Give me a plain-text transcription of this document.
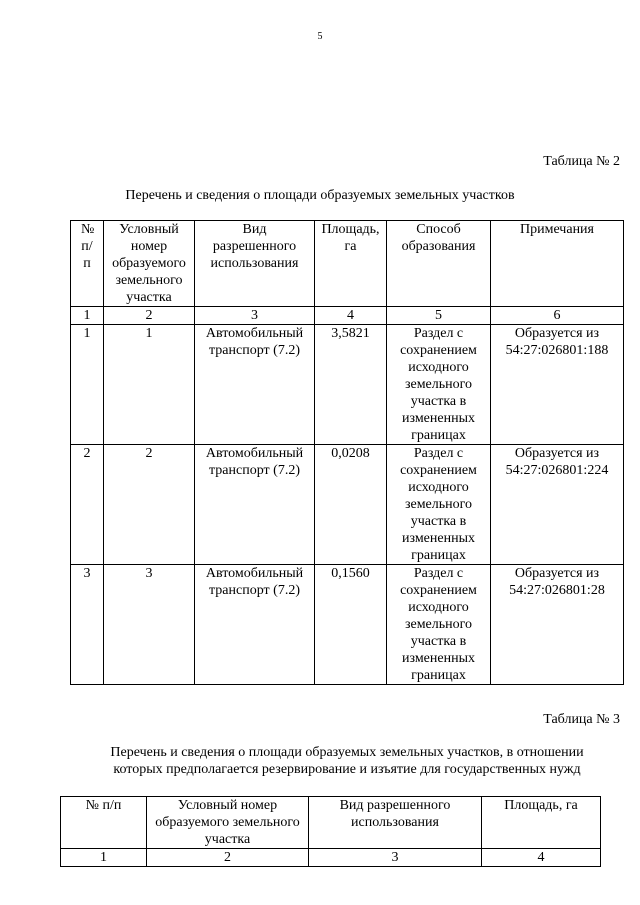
5
Таблица № 2
Перечень и сведения о площади образуемых земельных участков
№ п/п	Условный номер образуемого земельного участка	Вид разрешенного использования	Площадь, га	Способ образования	Примечания
1	2	3	4	5	6
1	1	Автомобильный транспорт (7.2)	3,5821	Раздел с сохранением исходного земельного участка в измененных границах	Образуется из 54:27:026801:188
2	2	Автомобильный транспорт (7.2)	0,0208	Раздел с сохранением исходного земельного участка в измененных границах	Образуется из 54:27:026801:224
3	3	Автомобильный транспорт (7.2)	0,1560	Раздел с сохранением исходного земельного участка в измененных границах	Образуется из 54:27:026801:28
Таблица № 3
Перечень и сведения о площади образуемых земельных участков, в отношении
которых предполагается резервирование и изъятие для государственных нужд
№ п/п	Условный номер образуемого земельного участка	Вид разрешенного использования	Площадь, га
1	2	3	4
